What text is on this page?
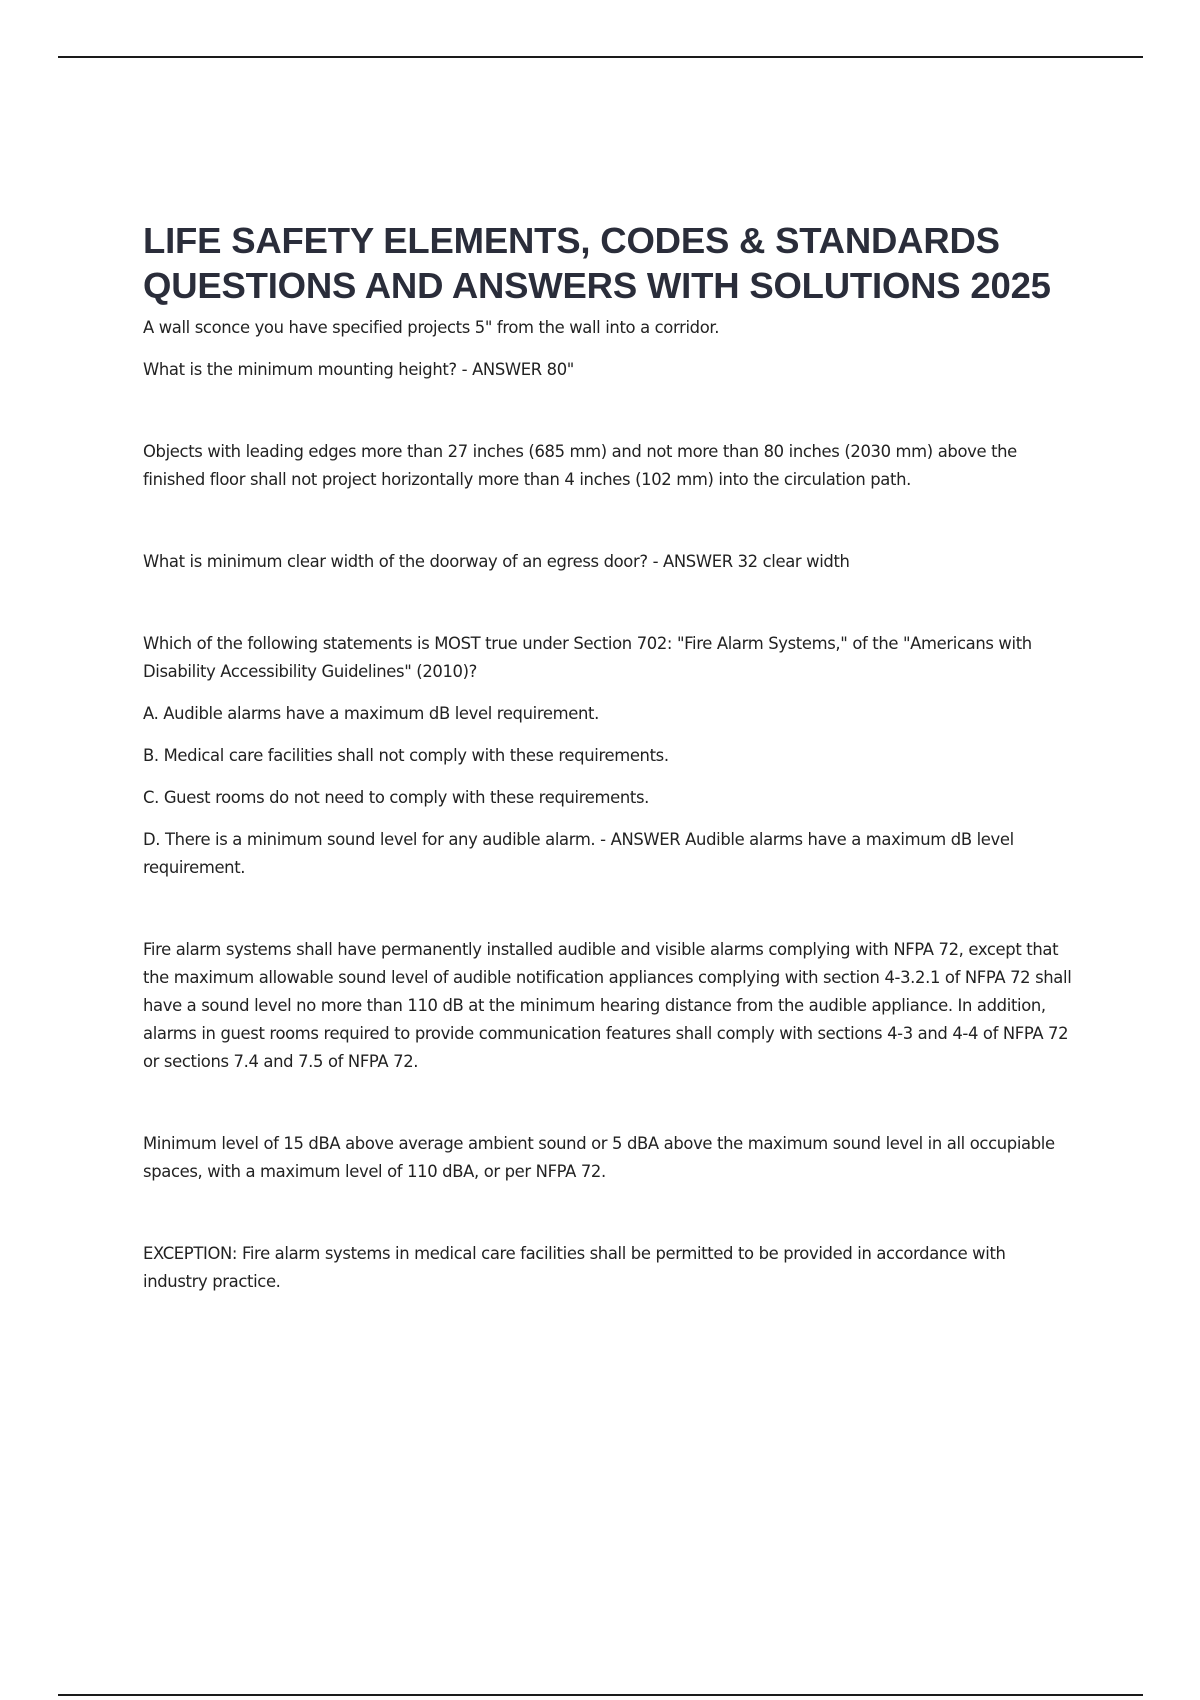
LIFE SAFETY ELEMENTS, CODES & STANDARDS QUESTIONS AND ANSWERS WITH SOLUTIONS 2025

A wall sconce you have specified projects 5" from the wall into a corridor.

What is the minimum mounting height? - ANSWER 80"

Objects with leading edges more than 27 inches (685 mm) and not more than 80 inches (2030 mm) above the finished floor shall not project horizontally more than 4 inches (102 mm) into the circulation path.

What is minimum clear width of the doorway of an egress door? - ANSWER 32 clear width

Which of the following statements is MOST true under Section 702: "Fire Alarm Systems," of the "Americans with Disability Accessibility Guidelines" (2010)?

A. Audible alarms have a maximum dB level requirement.

B. Medical care facilities shall not comply with these requirements.

C. Guest rooms do not need to comply with these requirements.

D. There is a minimum sound level for any audible alarm. - ANSWER Audible alarms have a maximum dB level requirement.

Fire alarm systems shall have permanently installed audible and visible alarms complying with NFPA 72, except that the maximum allowable sound level of audible notification appliances complying with section 4-3.2.1 of NFPA 72 shall have a sound level no more than 110 dB at the minimum hearing distance from the audible appliance. In addition, alarms in guest rooms required to provide communication features shall comply with sections 4-3 and 4-4 of NFPA 72 or sections 7.4 and 7.5 of NFPA 72.

Minimum level of 15 dBA above average ambient sound or 5 dBA above the maximum sound level in all occupiable spaces, with a maximum level of 110 dBA, or per NFPA 72.

EXCEPTION: Fire alarm systems in medical care facilities shall be permitted to be provided in accordance with industry practice.
